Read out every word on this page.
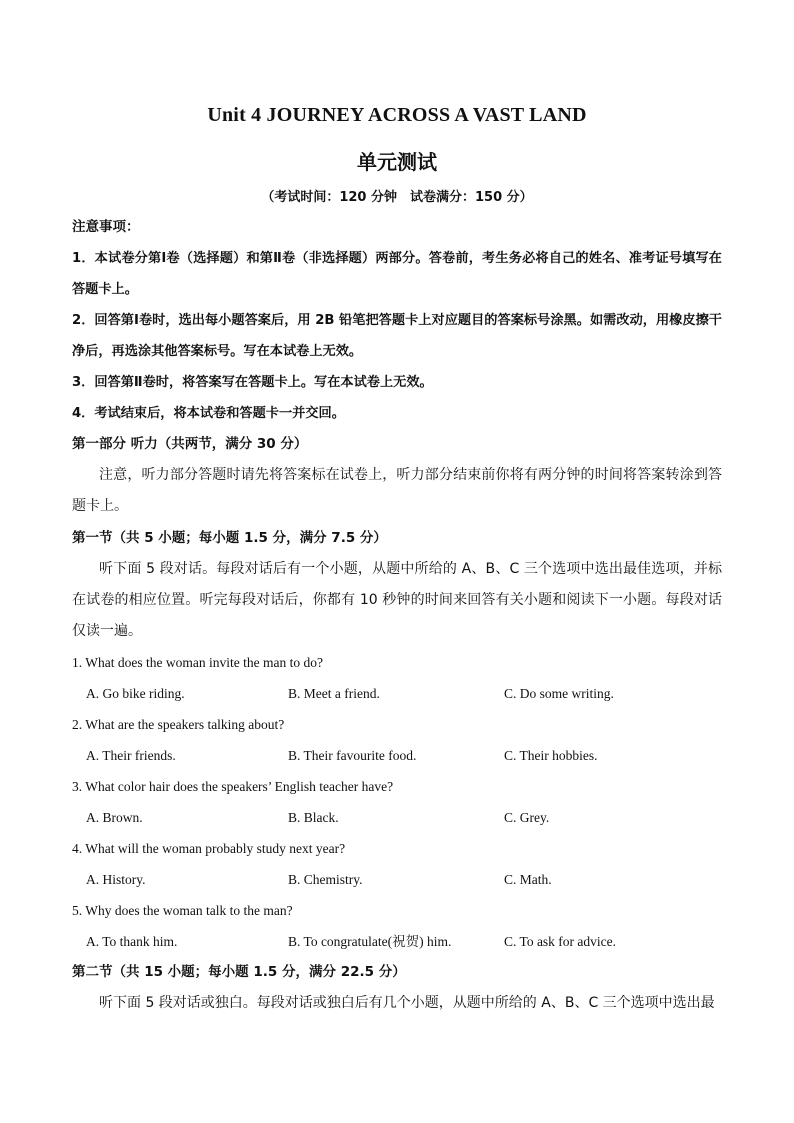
Unit 4 JOURNEY ACROSS A VAST LAND
单元测试
（考试时间：120 分钟　试卷满分：150 分）
注意事项：
1．本试卷分第Ⅰ卷（选择题）和第Ⅱ卷（非选择题）两部分。答卷前，考生务必将自己的姓名、准考证号填写在答题卡上。
2．回答第Ⅰ卷时，选出每小题答案后，用 2B 铅笔把答题卡上对应题目的答案标号涂黑。如需改动，用橡皮擦干净后，再选涂其他答案标号。写在本试卷上无效。
3．回答第Ⅱ卷时，将答案写在答题卡上。写在本试卷上无效。
4．考试结束后，将本试卷和答题卡一并交回。
第一部分 听力（共两节，满分 30 分）
注意，听力部分答题时请先将答案标在试卷上，听力部分结束前你将有两分钟的时间将答案转涂到答题卡上。
第一节（共 5 小题；每小题 1.5 分，满分 7.5 分）
听下面 5 段对话。每段对话后有一个小题，从题中所给的 A、B、C 三个选项中选出最佳选项，并标在试卷的相应位置。听完每段对话后，你都有 10 秒钟的时间来回答有关小题和阅读下一小题。每段对话仅读一遍。
1. What does the woman invite the man to do?
A. Go bike riding.	B. Meet a friend.	C. Do some writing.
2. What are the speakers talking about?
A. Their friends.	B. Their favourite food.	C. Their hobbies.
3. What color hair does the speakers’ English teacher have?
A. Brown.	B. Black.	C. Grey.
4. What will the woman probably study next year?
A. History.	B. Chemistry.	C. Math.
5. Why does the woman talk to the man?
A. To thank him.	B. To congratulate(祝贺) him.	C. To ask for advice.
第二节（共 15 小题；每小题 1.5 分，满分 22.5 分）
听下面 5 段对话或独白。每段对话或独白后有几个小题，从题中所给的 A、B、C 三个选项中选出最
